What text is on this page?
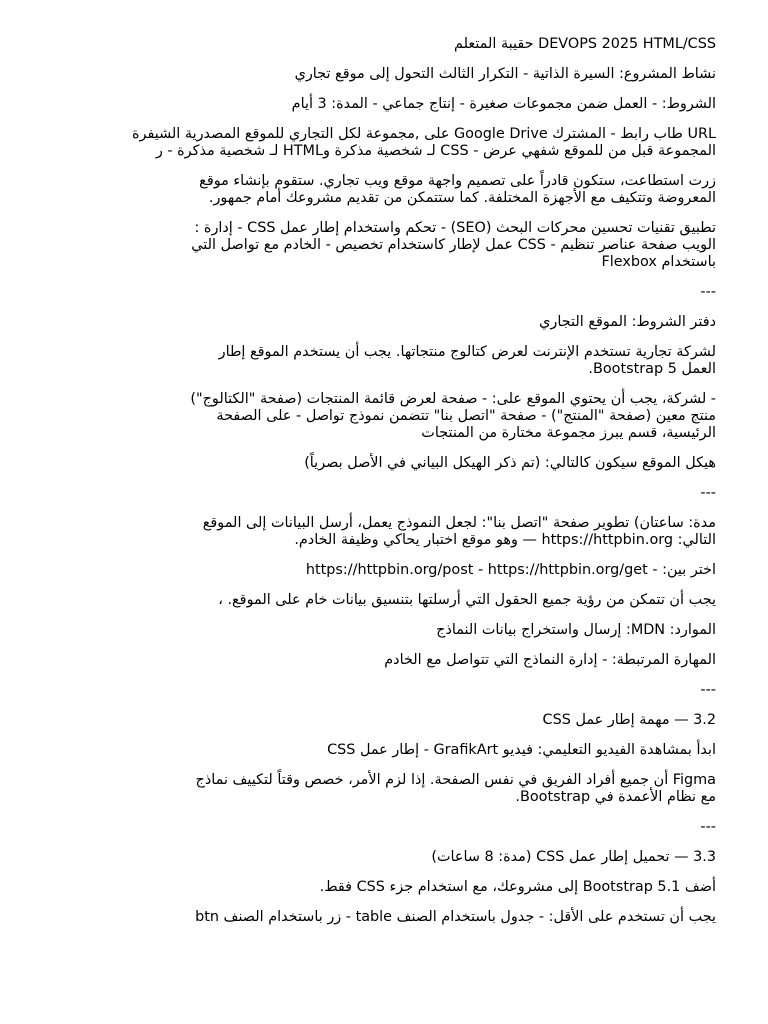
DEVOPS 2025 HTML/CSS حقيبة المتعلم
نشاط المشروع: السيرة الذاتية - التكرار الثالث التحول إلى موقع تجاري
الشروط: - العمل ضمن مجموعات صغيرة - إنتاج جماعي - المدة: 3 أيام
URL طاب رابط - المشترك Google Drive على ,مجموعة لكل التجاري للموقع المصدرية الشيفرة
المجموعة قبل من للموقع شفهي عرض - CSS لـ شخصية مذكرة وHTML لـ شخصية مذكرة - ر
زرت استطاعت، ستكون قادراً على تصميم واجهة موقع ويب تجاري. ستقوم بإنشاء موقع
المعروضة وتتكيف مع الأجهزة المختلفة. كما ستتمكن من تقديم مشروعك أمام جمهور.
تطبيق تقنيات تحسين محركات البحث (SEO) - تحكم واستخدام إطار عمل CSS - إدارة :
الويب صفحة عناصر تنظيم - CSS عمل لإطار كاستخدام تخصيص - الخادم مع تواصل التي
باستخدام Flexbox
---
دفتر الشروط: الموقع التجاري
لشركة تجارية تستخدم الإنترنت لعرض كتالوج منتجاتها. يجب أن يستخدم الموقع إطار
العمل Bootstrap 5.
- لشركة، يجب أن يحتوي الموقع على: - صفحة لعرض قائمة المنتجات (صفحة "الكتالوج")
منتج معين (صفحة "المنتج") - صفحة "اتصل بنا" تتضمن نموذج تواصل - على الصفحة
الرئيسية، قسم يبرز مجموعة مختارة من المنتجات
هيكل الموقع سيكون كالتالي: (تم ذكر الهيكل البياني في الأصل بصرياً)
---
مدة: ساعتان) تطوير صفحة "اتصل بنا": لجعل النموذج يعمل، أرسل البيانات إلى الموقع
التالي: https://httpbin.org — وهو موقع اختبار يحاكي وظيفة الخادم.
اختر بين: - https://httpbin.org/post - https://httpbin.org/get
يجب أن تتمكن من رؤية جميع الحقول التي أرسلتها بتنسيق بيانات خام على الموقع. ،
الموارد: MDN: إرسال واستخراج بيانات النماذج
المهارة المرتبطة: - إدارة النماذج التي تتواصل مع الخادم
---
3.2 — مهمة إطار عمل CSS
ابدأ بمشاهدة الفيديو التعليمي: فيديو GrafikArt - إطار عمل CSS
Figma أن جميع أفراد الفريق في نفس الصفحة. إذا لزم الأمر، خصص وقتاً لتكييف نماذج
مع نظام الأعمدة في Bootstrap.
---
3.3 — تحميل إطار عمل CSS (مدة: 8 ساعات)
أضف Bootstrap 5.1 إلى مشروعك، مع استخدام جزء CSS فقط.
يجب أن تستخدم على الأقل: - جدول باستخدام الصنف table - زر باستخدام الصنف btn
